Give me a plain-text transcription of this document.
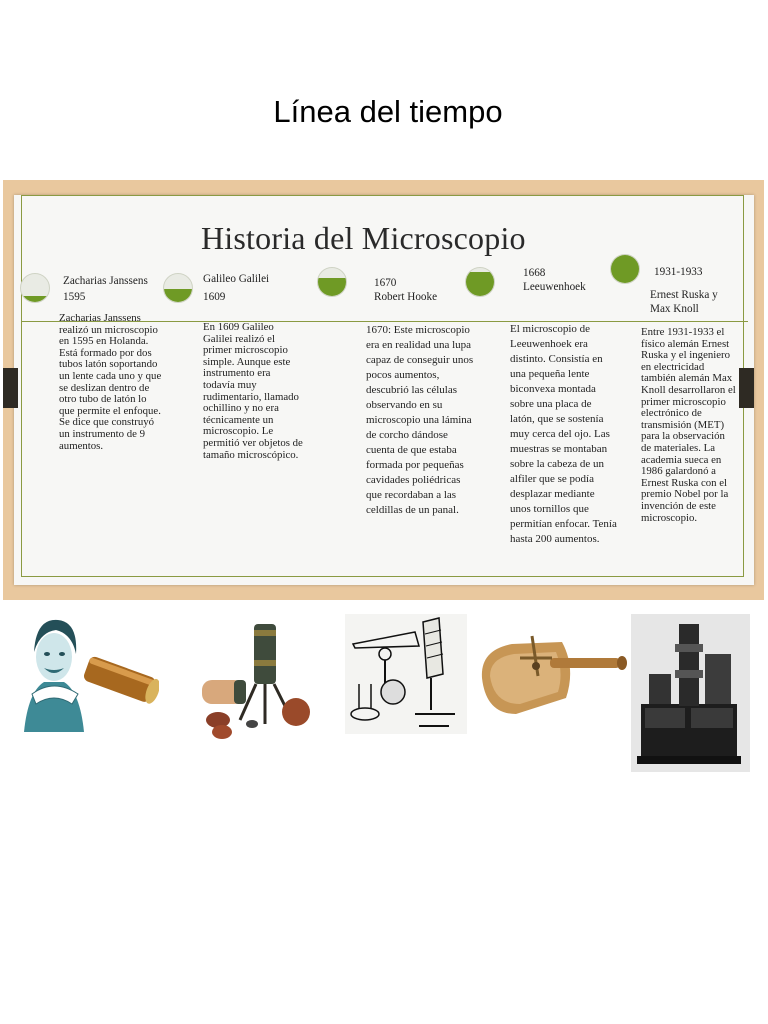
Línea del tiempo
Historia del Microscopio
Zacharias Janssens
1595
Zacharias Janssens realizó un microscopio en 1595 en Holanda. Está formado por dos tubos latón soportando un lente cada uno y que se deslizan dentro de otro tubo de latón lo que permite el enfoque. Se dice que construyó un instrumento de 9 aumentos.
Galileo Galilei
1609
En 1609 Galileo Galilei realizó el primer microscopio simple. Aunque este instrumento era todavía muy rudimentario, llamado ochillino y no era técnicamente un microscopio. Le permitió ver objetos de tamaño microscópico.
1670
Robert Hooke
1670: Este microscopio era en realidad una lupa capaz de conseguir unos pocos aumentos, descubrió las células observando en su microscopio una lámina de corcho dándose cuenta de que estaba formada por pequeñas cavidades poliédricas que recordaban a las celdillas de un panal.
1668
Leeuwenhoek
El microscopio de Leeuwenhoek era distinto. Consistía en una pequeña lente biconvexa montada sobre una placa de latón, que se sostenía muy cerca del ojo. Las muestras se montaban sobre la cabeza de un alfiler que se podía desplazar mediante unos tornillos que permitían enfocar. Tenía hasta 200 aumentos.
1931-1933
Ernest Ruska y
Max Knoll
Entre 1931-1933 el físico alemán Ernest Ruska y el ingeniero en electricidad también alemán Max Knoll desarrollaron el primer microscopio electrónico de transmisión (MET) para la observación de materiales. La academia sueca en 1986 galardonó a Ernest Ruska con el premio Nobel por la invención de este microscopio.
